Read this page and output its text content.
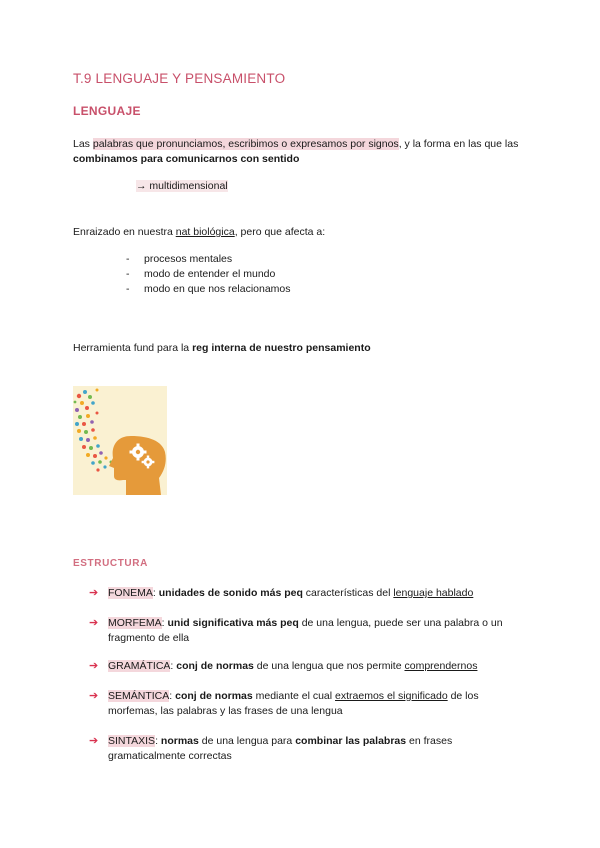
T.9 LENGUAJE Y PENSAMIENTO
LENGUAJE
Las palabras que pronunciamos, escribimos o expresamos por signos, y la forma en las que las combinamos para comunicarnos con sentido
→ multidimensional
Enraizado en nuestra nat biológica, pero que afecta a:
-	procesos mentales
-	modo de entender el mundo
-	modo en que nos relacionamos
Herramienta fund para la reg interna de nuestro pensamiento
ESTRUCTURA
➔ FONEMA: unidades de sonido más peq características del lenguaje hablado
➔ MORFEMA: unid significativa más peq de una lengua, puede ser una palabra o un fragmento de ella
➔ GRAMÁTICA: conj de normas de una lengua que nos permite comprendernos
➔ SEMÁNTICA: conj de normas mediante el cual extraemos el significado de los morfemas, las palabras y las frases de una lengua
➔ SINTAXIS: normas de una lengua para combinar las palabras en frases gramaticalmente correctas
